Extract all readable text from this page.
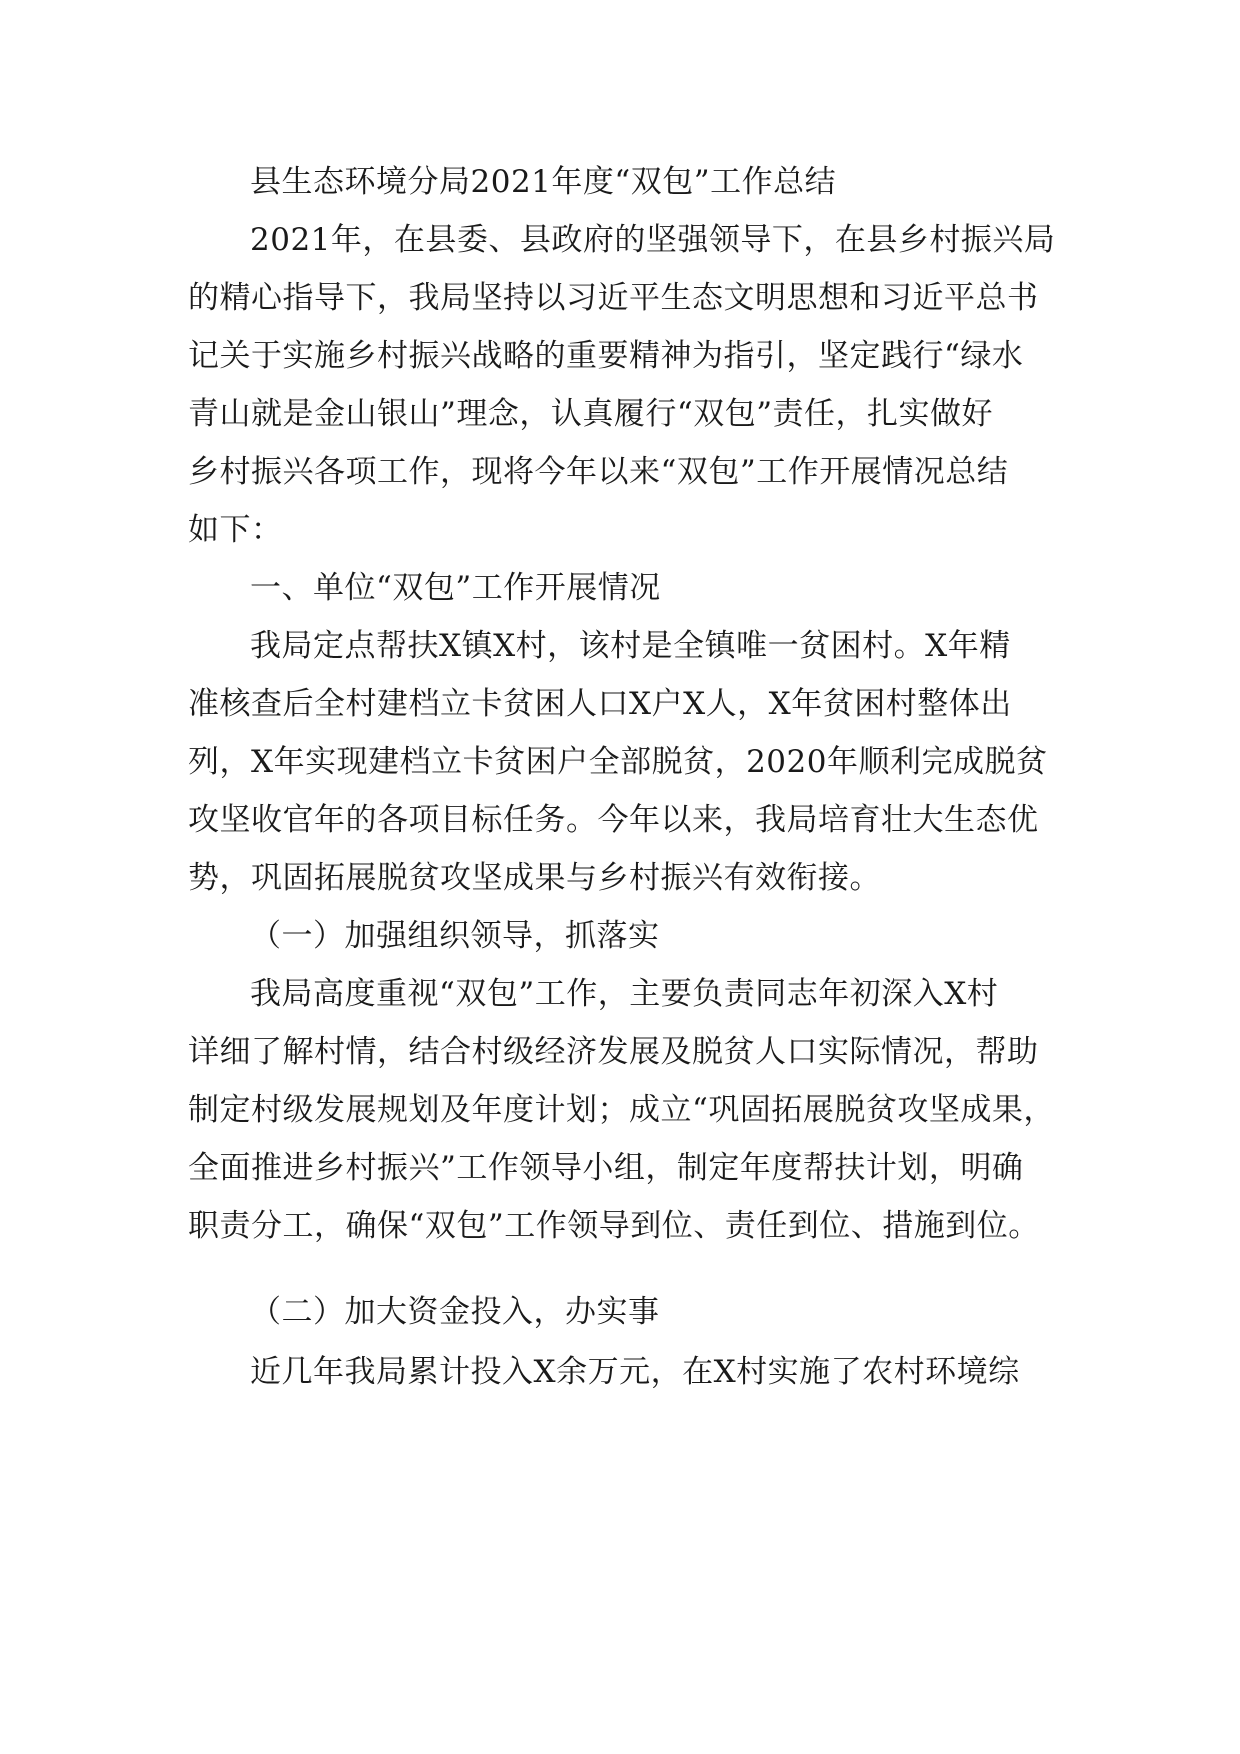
县生态环境分局2021年度“双包”工作总结
2021年，在县委、县政府的坚强领导下，在县乡村振兴局
的精心指导下，我局坚持以习近平生态文明思想和习近平总书
记关于实施乡村振兴战略的重要精神为指引，坚定践行“绿水
青山就是金山银山”理念，认真履行“双包”责任，扎实做好
乡村振兴各项工作，现将今年以来“双包”工作开展情况总结
如下：
一、单位“双包”工作开展情况
我局定点帮扶X镇X村，该村是全镇唯一贫困村。X年精
准核查后全村建档立卡贫困人口X户X人，X年贫困村整体出
列，X年实现建档立卡贫困户全部脱贫，2020年顺利完成脱贫
攻坚收官年的各项目标任务。今年以来，我局培育壮大生态优
势，巩固拓展脱贫攻坚成果与乡村振兴有效衔接。
（一）加强组织领导，抓落实
我局高度重视“双包”工作，主要负责同志年初深入X村
详细了解村情，结合村级经济发展及脱贫人口实际情况，帮助
制定村级发展规划及年度计划；成立“巩固拓展脱贫攻坚成果，
全面推进乡村振兴”工作领导小组，制定年度帮扶计划，明确
职责分工，确保“双包”工作领导到位、责任到位、措施到位。
（二）加大资金投入，办实事
近几年我局累计投入X余万元，在X村实施了农村环境综
